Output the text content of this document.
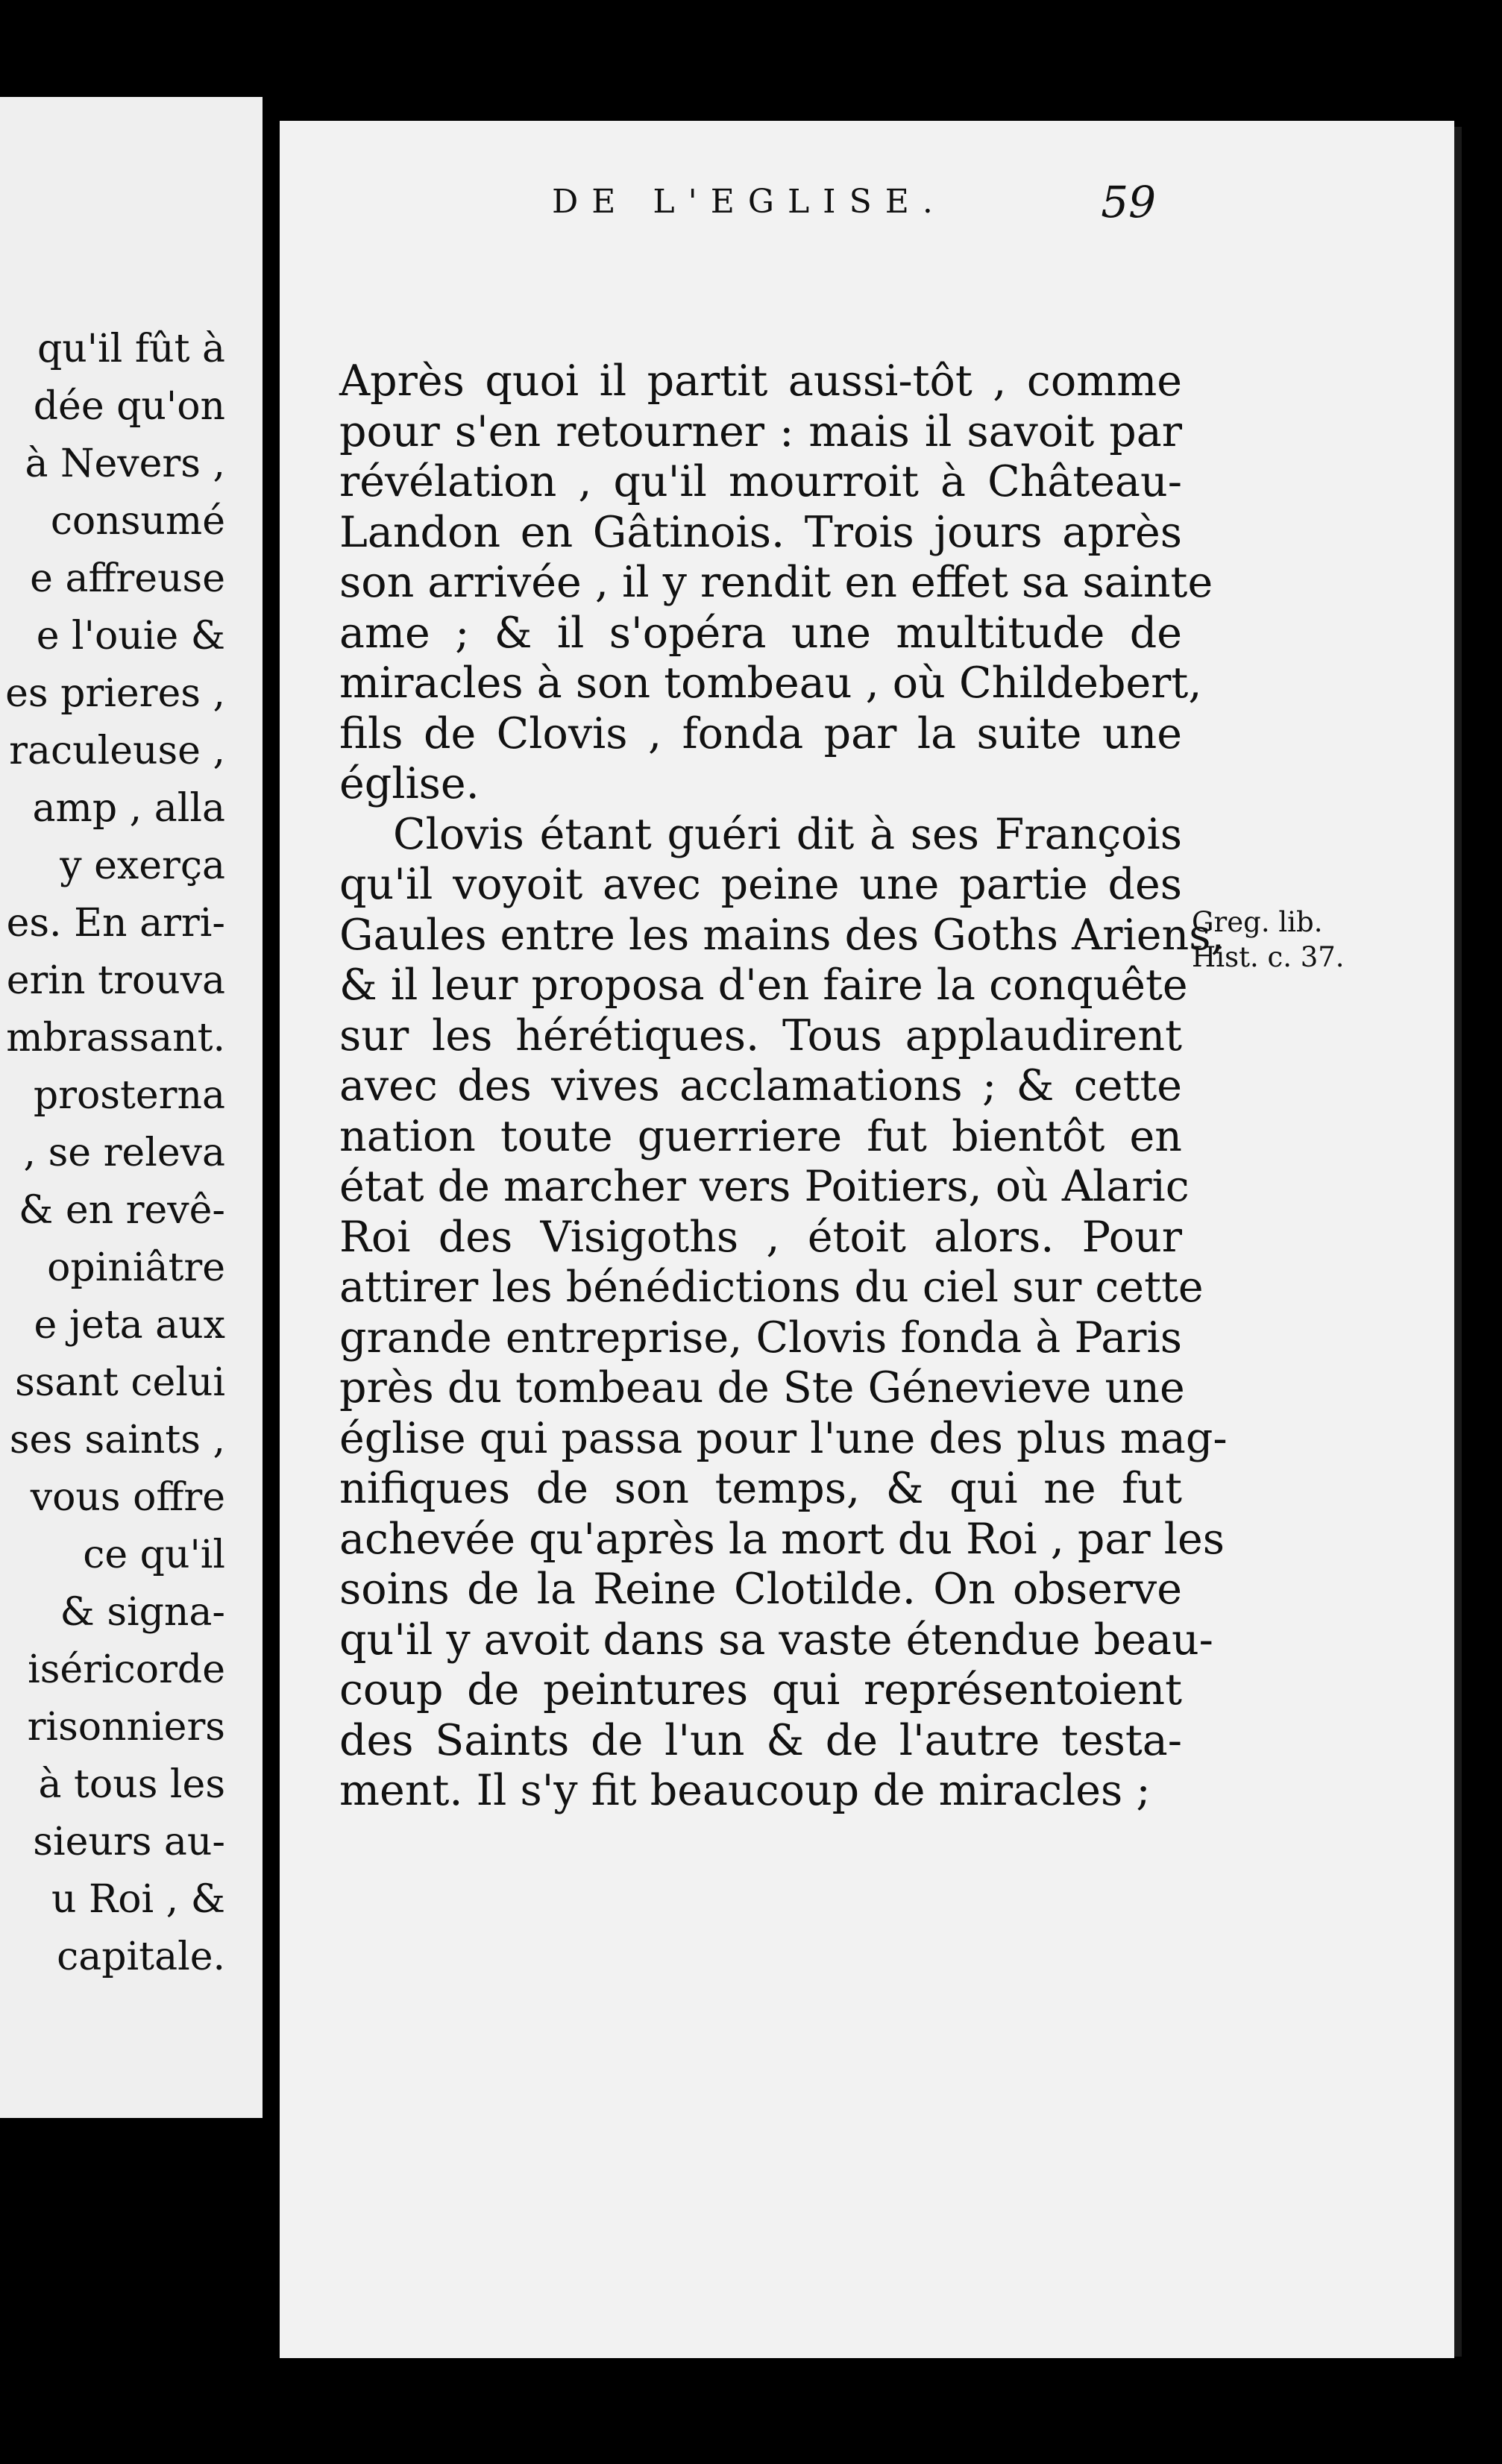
qu'il fût à
dée qu'on
à Nevers ,
consumé
e affreuse
e l'ouie &
es prieres ,
raculeuse ,
amp , alla
y exerça
es. En arri-
erin trouva
mbrassant.
prosterna
, se releva
& en revê-
opiniâtre
e jeta aux
ssant celui
ses saints ,
vous offre
ce qu'il
& signa-
iséricorde
risonniers
à tous les
sieurs au-
u Roi , &
capitale.
DE L'EGLISE.	59
Après quoi il partit aussi-tôt , comme
pour s'en retourner : mais il savoit par
révélation , qu'il mourroit à Château-
Landon en Gâtinois. Trois jours après
son arrivée , il y rendit en effet sa sainte
ame ; & il s'opéra une multitude de
miracles à son tombeau , où Childebert,
fils de Clovis , fonda par la suite une
église.
Clovis étant guéri dit à ses François
qu'il voyoit avec peine une partie des
Gaules entre les mains des Goths Ariens,
& il leur proposa d'en faire la conquête
sur les hérétiques. Tous applaudirent
avec des vives acclamations ; & cette
nation toute guerriere fut bientôt en
état de marcher vers Poitiers, où Alaric
Roi des Visigoths , étoit alors. Pour
attirer les bénédictions du ciel sur cette
grande entreprise, Clovis fonda à Paris
près du tombeau de Ste Génevieve une
église qui passa pour l'une des plus mag-
nifiques de son temps, & qui ne fut
achevée qu'après la mort du Roi , par les
soins de la Reine Clotilde. On observe
qu'il y avoit dans sa vaste étendue beau-
coup de peintures qui représentoient
des Saints de l'un & de l'autre testa-
ment. Il s'y fit beaucoup de miracles ;
Greg. lib.
Hist. c. 37.
